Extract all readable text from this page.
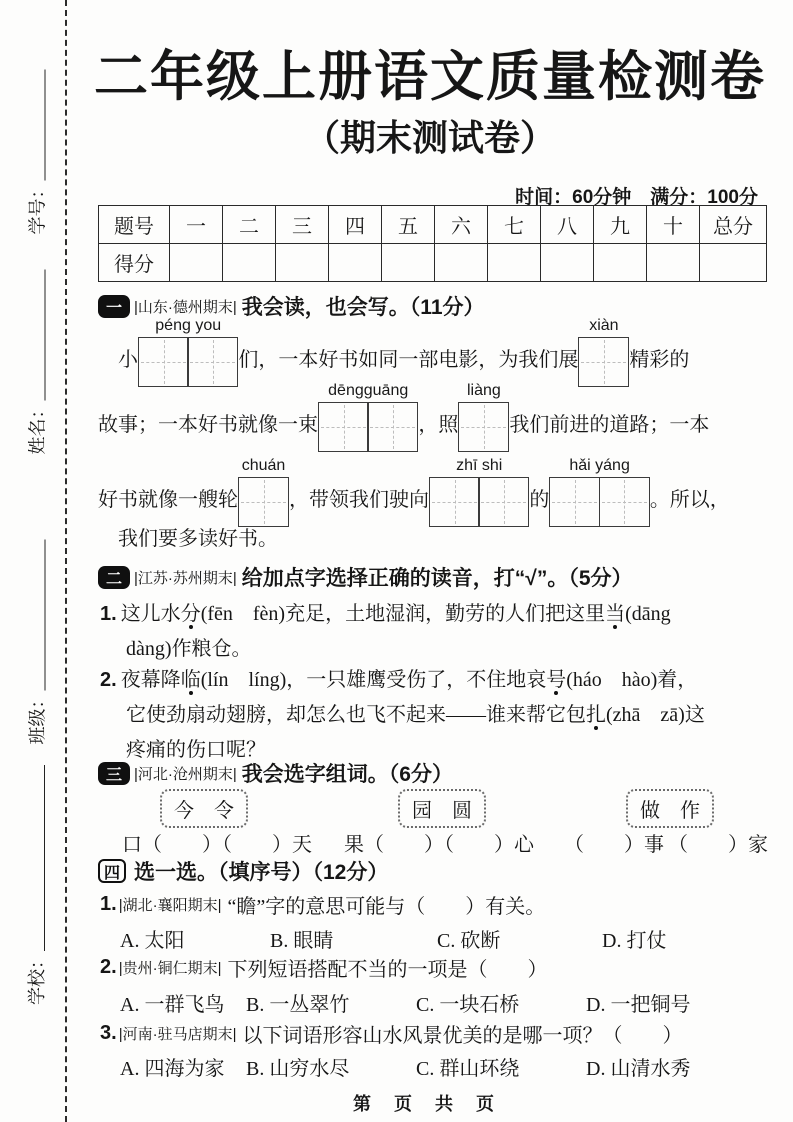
学号：
姓名：
班级：
学校：
二年级上册语文质量检测卷
（期末测试卷）
时间：60分钟　满分：100分
题号	一	二	三	四	五	六	七	八	九	十	总分
得分											
一 |山东·德州期末| 我会读，也会写。（11分）
小
péng you
们，一本好书如同一部电影，为我们展
xiàn
精彩的
故事；一本好书就像一束
dēngguāng
，照
liàng
我们前进的道路；一本
好书就像一艘轮
chuán
，带领我们驶向
zhī shi
的
hǎi yáng
。所以，
我们要多读好书。
二 |江苏·苏州期末| 给加点字选择正确的读音，打“√”。（5分）
1. 这儿水分(fēn　fèn)充足，土地湿润，勤劳的人们把这里当(dāng
dàng)作粮仓。
2. 夜幕降临(lín　líng)，一只雄鹰受伤了，不住地哀号(háo　hào)着，
它使劲扇动翅膀，却怎么也飞不起来——谁来帮它包扎(zhā　zā)这
疼痛的伤口呢？
三 |河北·沧州期末| 我会选字组词。（6分）
今　令	园　圆	做　作
口（　　）（　　）天 果（　　）（　　）心 （　　）事 （　　）家
四 选一选。（填序号）（12分）
1. |湖北·襄阳期末| “瞻”字的意思可能与（　　）有关。
A. 太阳	B. 眼睛	C. 砍断	D. 打仗
2. |贵州·铜仁期末| 下列短语搭配不当的一项是（　　）
A. 一群飞鸟	B. 一丛翠竹	C. 一块石桥	D. 一把铜号
3. |河南·驻马店期末| 以下词语形容山水风景优美的是哪一项？（　　）
A. 四海为家	B. 山穷水尽	C. 群山环绕	D. 山清水秀
第 页 共 页
